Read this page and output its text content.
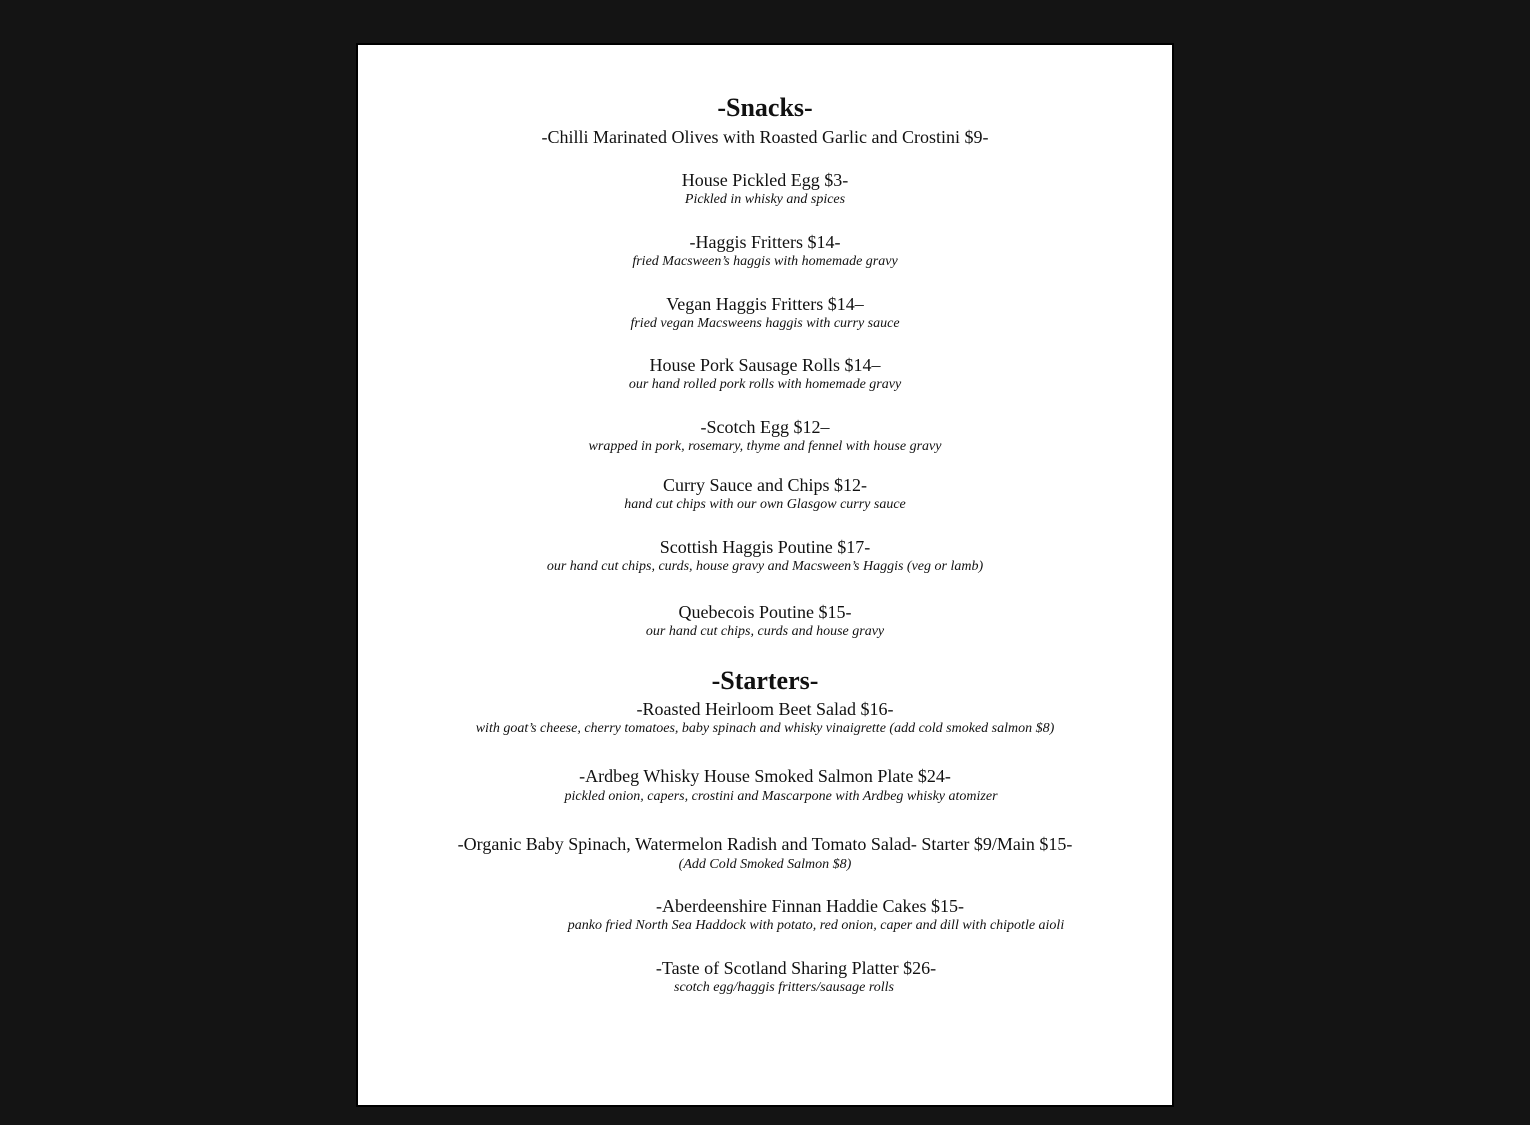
-Snacks-
-Chilli Marinated Olives with Roasted Garlic and Crostini $9-
House Pickled Egg $3-
Pickled in whisky and spices
-Haggis Fritters $14-
fried Macsween’s haggis with homemade gravy
Vegan Haggis Fritters $14–
fried vegan Macsweens haggis with curry sauce
House Pork Sausage Rolls $14–
our hand rolled pork rolls with homemade gravy
-Scotch Egg $12–
wrapped in pork, rosemary, thyme and fennel with house gravy
Curry Sauce and Chips $12-
hand cut chips with our own Glasgow curry sauce
Scottish Haggis Poutine $17-
our hand cut chips, curds, house gravy and Macsween’s Haggis (veg or lamb)
Quebecois Poutine $15-
our hand cut chips, curds and house gravy
-Starters-
-Roasted Heirloom Beet Salad $16-
with goat’s cheese, cherry tomatoes, baby spinach and whisky vinaigrette (add cold smoked salmon $8)
-Ardbeg Whisky House Smoked Salmon Plate $24-
pickled onion, capers, crostini and Mascarpone with Ardbeg whisky atomizer
-Organic Baby Spinach, Watermelon Radish and Tomato Salad- Starter $9/Main $15-
(Add Cold Smoked Salmon $8)
-Aberdeenshire Finnan Haddie Cakes $15-
panko fried North Sea Haddock with potato, red onion, caper and dill with chipotle aioli
-Taste of Scotland Sharing Platter $26-
scotch egg/haggis fritters/sausage rolls
